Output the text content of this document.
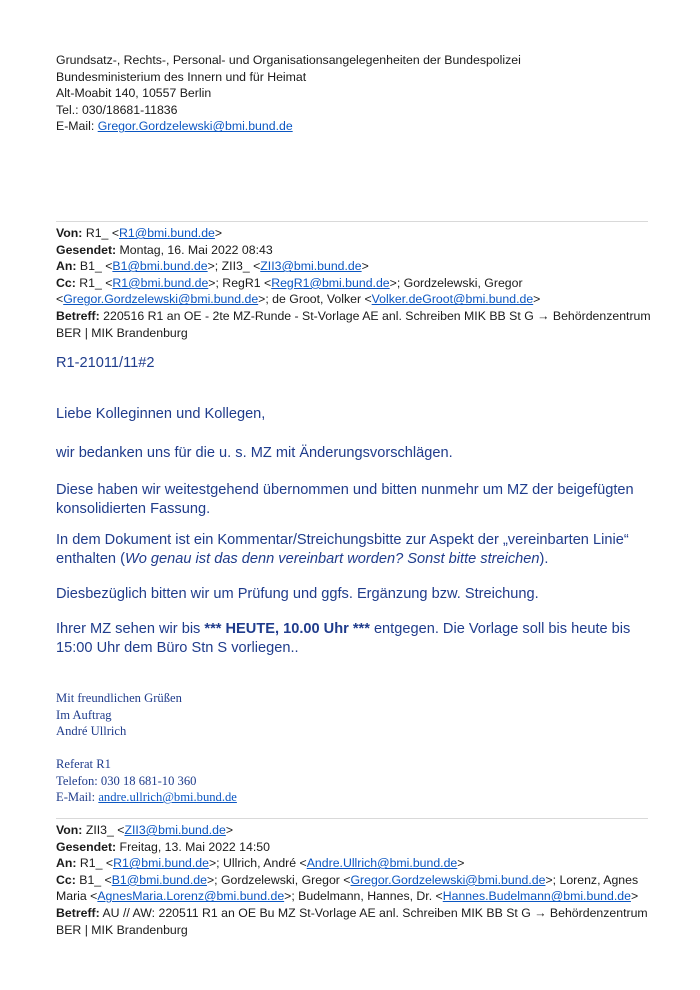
Grundsatz-, Rechts-, Personal- und Organisationsangelegenheiten der Bundespolizei
Bundesministerium des Innern und für Heimat
Alt-Moabit 140, 10557 Berlin
Tel.: 030/18681-11836
E-Mail: Gregor.Gordzelewski@bmi.bund.de
Von: R1_ <R1@bmi.bund.de>
Gesendet: Montag, 16. Mai 2022 08:43
An: B1_ <B1@bmi.bund.de>; ZII3_ <ZII3@bmi.bund.de>
Cc: R1_ <R1@bmi.bund.de>; RegR1 <RegR1@bmi.bund.de>; Gordzelewski, Gregor
<Gregor.Gordzelewski@bmi.bund.de>; de Groot, Volker <Volker.deGroot@bmi.bund.de>
Betreff: 220516 R1 an OE - 2te MZ-Runde - St-Vorlage AE anl. Schreiben MIK BB St G → Behördenzentrum
BER | MIK Brandenburg
R1-21011/11#2
Liebe Kolleginnen und Kollegen,
wir bedanken uns für die u. s. MZ mit Änderungsvorschlägen.
Diese haben wir weitestgehend übernommen und bitten nunmehr um MZ der beigefügten
konsolidierten Fassung.
In dem Dokument ist ein Kommentar/Streichungsbitte zur Aspekt der „vereinbarten Linie“
enthalten (Wo genau ist das denn vereinbart worden? Sonst bitte streichen).
Diesbezüglich bitten wir um Prüfung und ggfs. Ergänzung bzw. Streichung.
Ihrer MZ sehen wir bis *** HEUTE, 10.00 Uhr *** entgegen. Die Vorlage soll bis heute bis
15:00 Uhr dem Büro Stn S vorliegen..
Mit freundlichen Grüßen
Im Auftrag
André Ullrich
Referat R1
Telefon: 030 18 681-10 360
E-Mail: andre.ullrich@bmi.bund.de
Von: ZII3_ <ZII3@bmi.bund.de>
Gesendet: Freitag, 13. Mai 2022 14:50
An: R1_ <R1@bmi.bund.de>; Ullrich, André <Andre.Ullrich@bmi.bund.de>
Cc: B1_ <B1@bmi.bund.de>; Gordzelewski, Gregor <Gregor.Gordzelewski@bmi.bund.de>; Lorenz, Agnes
Maria <AgnesMaria.Lorenz@bmi.bund.de>; Budelmann, Hannes, Dr. <Hannes.Budelmann@bmi.bund.de>
Betreff: AU // AW: 220511 R1 an OE Bu MZ St-Vorlage AE anl. Schreiben MIK BB St G → Behördenzentrum
BER | MIK Brandenburg
